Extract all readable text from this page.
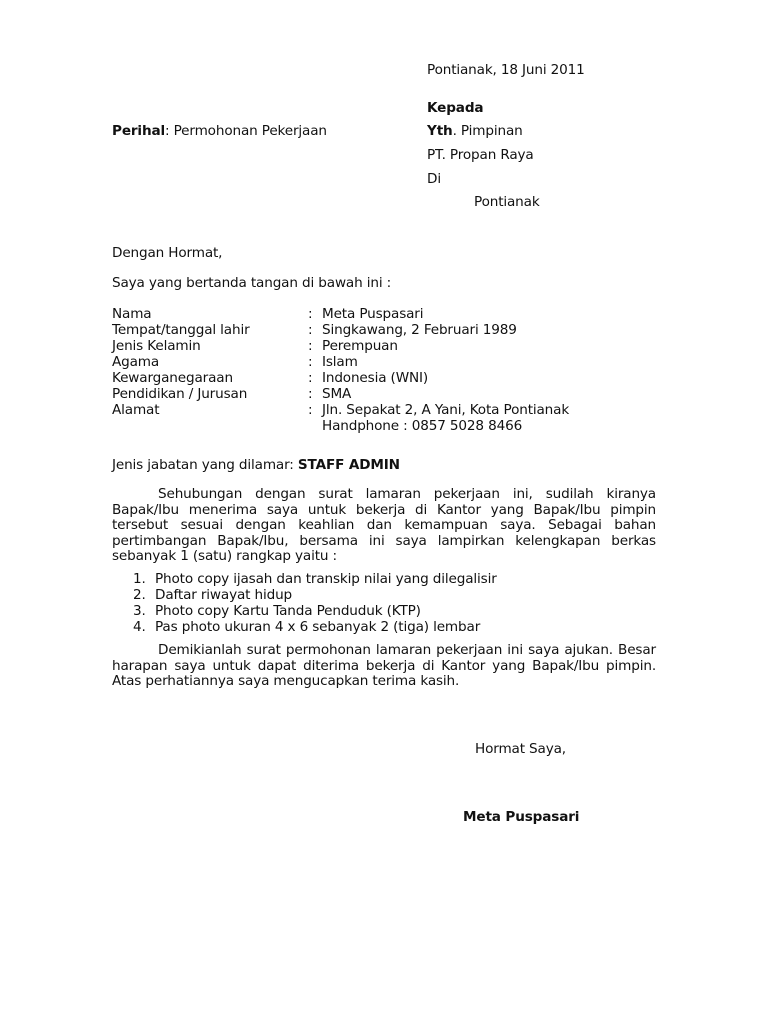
Pontianak, 18 Juni 2011
Kepada
Yth. Pimpinan
PT. Propan Raya
Di
Pontianak
Perihal: Permohonan Pekerjaan
Dengan Hormat,
Saya yang bertanda tangan di bawah ini :
Nama	: Meta Puspasari
Tempat/tanggal lahir	: Singkawang, 2 Februari 1989
Jenis Kelamin	: Perempuan
Agama	: Islam
Kewarganegaraan	: Indonesia (WNI)
Pendidikan / Jurusan	: SMA
Alamat	: Jln. Sepakat 2, A Yani, Kota Pontianak
Handphone : 0857 5028 8466
Jenis jabatan yang dilamar: STAFF ADMIN
Sehubungan dengan surat lamaran pekerjaan ini, sudilah kiranya Bapak/Ibu menerima saya untuk bekerja di Kantor yang Bapak/Ibu pimpin tersebut sesuai dengan keahlian dan kemampuan saya. Sebagai bahan pertimbangan Bapak/Ibu, bersama ini saya lampirkan kelengkapan berkas sebanyak 1 (satu) rangkap yaitu :
1. Photo copy ijasah dan transkip nilai yang dilegalisir
2. Daftar riwayat hidup
3. Photo copy Kartu Tanda Penduduk (KTP)
4. Pas photo ukuran 4 x 6 sebanyak 2 (tiga) lembar
Demikianlah surat permohonan lamaran pekerjaan ini saya ajukan. Besar harapan saya untuk dapat diterima bekerja di Kantor yang Bapak/Ibu pimpin. Atas perhatiannya saya mengucapkan terima kasih.
Hormat Saya,
Meta Puspasari
